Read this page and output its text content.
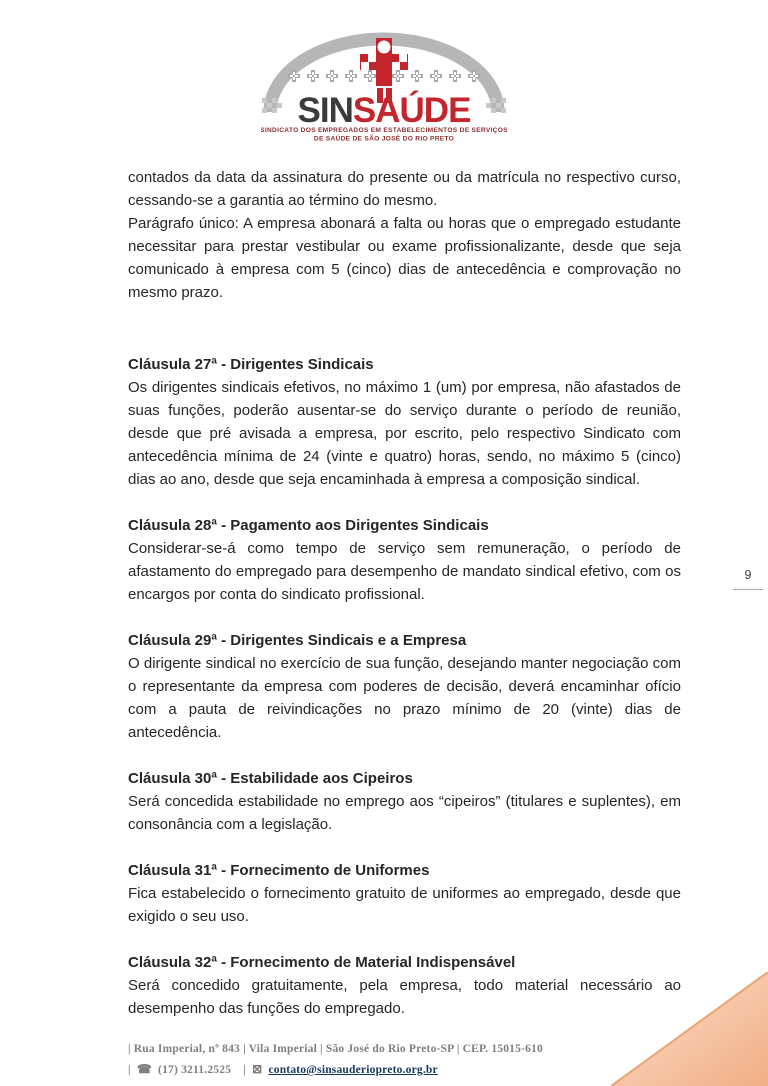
SINSAÚDE
SINDICATO DOS EMPREGADOS EM ESTABELECIMENTOS DE SERVIÇOS
DE SAÚDE DE SÃO JOSÉ DO RIO PRETO

contados da data da assinatura do presente ou da matrícula no respectivo curso, cessando-se a garantia ao término do mesmo.

Parágrafo único: A empresa abonará a falta ou horas que o empregado estudante necessitar para prestar vestibular ou exame profissionalizante, desde que seja comunicado à empresa com 5 (cinco) dias de antecedência e comprovação no mesmo prazo.

Cláusula 27ª - Dirigentes Sindicais

Os dirigentes sindicais efetivos, no máximo 1 (um) por empresa, não afastados de suas funções, poderão ausentar-se do serviço durante o período de reunião, desde que pré avisada a empresa, por escrito, pelo respectivo Sindicato com antecedência mínima de 24 (vinte e quatro) horas, sendo, no máximo 5 (cinco) dias ao ano, desde que seja encaminhada à empresa a composição sindical.

Cláusula 28ª - Pagamento aos Dirigentes Sindicais

Considerar-se-á como tempo de serviço sem remuneração, o período de afastamento do empregado para desempenho de mandato sindical efetivo, com os encargos por conta do sindicato profissional.

Cláusula 29ª - Dirigentes Sindicais e a Empresa

O dirigente sindical no exercício de sua função, desejando manter negociação com o representante da empresa com poderes de decisão, deverá encaminhar ofício com a pauta de reivindicações no prazo mínimo de 20 (vinte) dias de antecedência.

Cláusula 30ª - Estabilidade aos Cipeiros

Será concedida estabilidade no emprego aos “cipeiros” (titulares e suplentes), em consonância com a legislação.

Cláusula 31ª - Fornecimento de Uniformes

Fica estabelecido o fornecimento gratuito de uniformes ao empregado, desde que exigido o seu uso.

Cláusula 32ª - Fornecimento de Material Indispensável

Será concedido gratuitamente, pela empresa, todo material necessário ao desempenho das funções do empregado.

9
| Rua Imperial, nº 843 | Vila Imperial | São José do Rio Preto-SP | CEP. 15015-610
| ☎ (17) 3211.2525 | ⊠ contato@sinsauderiopreto.org.br
